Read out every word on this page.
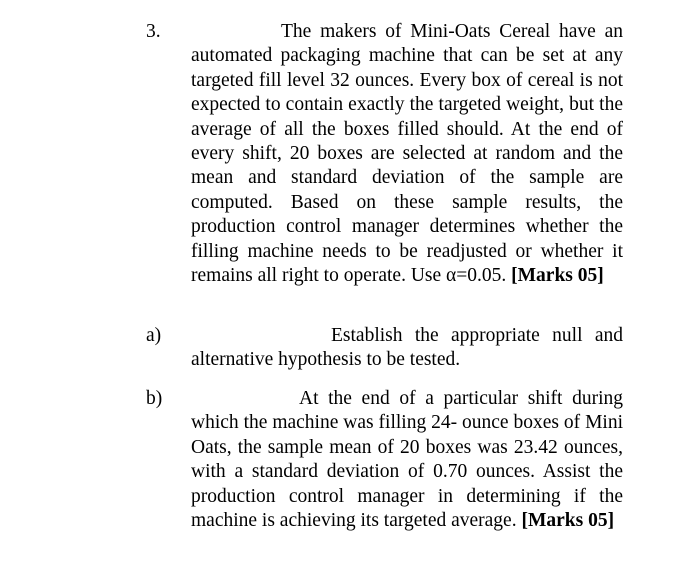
3.	The makers of Mini-Oats Cereal have an automated packaging machine that can be set at any targeted fill level 32 ounces. Every box of cereal is not expected to contain exactly the targeted weight, but the average of all the boxes filled should. At the end of every shift, 20 boxes are selected at random and the mean and standard deviation of the sample are computed. Based on these sample results, the production control manager determines whether the filling machine needs to be readjusted or whether it remains all right to operate. Use α=0.05. [Marks 05]
a)	Establish the appropriate null and alternative hypothesis to be tested.
b)	At the end of a particular shift during which the machine was filling 24- ounce boxes of Mini Oats, the sample mean of 20 boxes was 23.42 ounces, with a standard deviation of 0.70 ounces. Assist the production control manager in determining if the machine is achieving its targeted average. [Marks 05]
